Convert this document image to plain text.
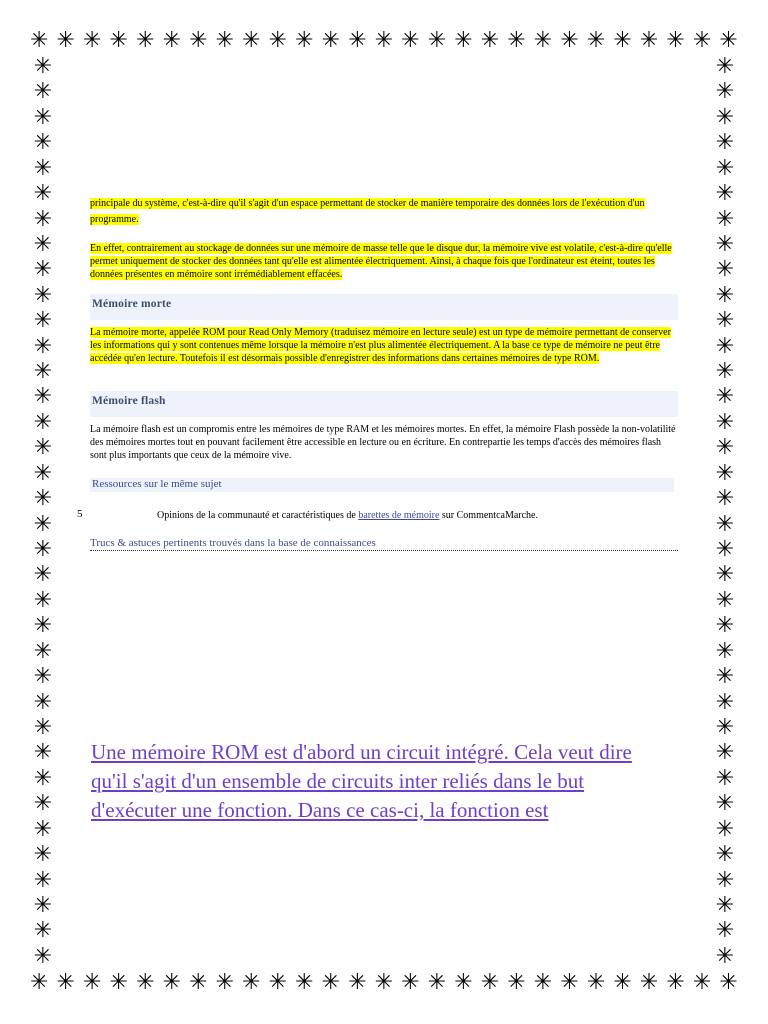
✳ ✳ ✳ ✳ ✳ ✳ ✳ ✳ ✳ ✳ ✳ ✳ ✳ ✳ ✳ ✳ ✳ ✳ ✳ ✳ ✳ ✳ ✳ ✳ ✳ ✳ ✳
✳ ✳ ✳ ✳ ✳ ✳ ✳ ✳ ✳ ✳ ✳ ✳ ✳ ✳ ✳ ✳ ✳ ✳ ✳ ✳ ✳ ✳ ✳ ✳ ✳ ✳ ✳
✳
✳
✳
✳
✳
✳
✳
✳
✳
✳
✳
✳
✳
✳
✳
✳
✳
✳
✳
✳
✳
✳
✳
✳
✳
✳
✳
✳
✳
✳
✳
✳
✳
✳
✳
✳
✳
✳
✳
✳
✳
✳
✳
✳
✳
✳
✳
✳
✳
✳
✳
✳
✳
✳
✳
✳
✳
✳
✳
✳
✳
✳
✳
✳
✳
✳
✳
✳
✳
✳
✳
✳
principale du système, c'est-à-dire qu'il s'agit d'un espace permettant de stocker de manière temporaire des données lors de l'exécution d'un programme.
En effet, contrairement au stockage de données sur une mémoire de masse telle que le disque dur, la mémoire vive est volatile, c'est-à-dire qu'elle permet uniquement de stocker des données tant qu'elle est alimentée électriquement. Ainsi, à chaque fois que l'ordinateur est éteint, toutes les données présentes en mémoire sont irrémédiablement effacées.
Mémoire morte
La mémoire morte, appelée ROM pour Read Only Memory (traduisez mémoire en lecture seule) est un type de mémoire permettant de conserver les informations qui y sont contenues même lorsque la mémoire n'est plus alimentée électriquement. A la base ce type de mémoire ne peut être accédée qu'en lecture. Toutefois il est désormais possible d'enregistrer des informations dans certaines mémoires de type ROM.
Mémoire flash
La mémoire flash est un compromis entre les mémoires de type RAM et les mémoires mortes. En effet, la mémoire Flash possède la non-volatilité des mémoires mortes tout en pouvant facilement être accessible en lecture ou en écriture. En contrepartie les temps d'accès des mémoires flash sont plus importants que ceux de la mémoire vive.
Ressources sur le même sujet
5	Opinions de la communauté et caractéristiques de barettes de mémoire sur CommentcaMarche.
Trucs & astuces pertinents trouvés dans la base de connaissances
Une mémoire ROM est d'abord un circuit intégré. Cela veut dire qu'il s'agit d'un ensemble de circuits inter reliés dans le but d'exécuter une fonction. Dans ce cas-ci, la fonction est
